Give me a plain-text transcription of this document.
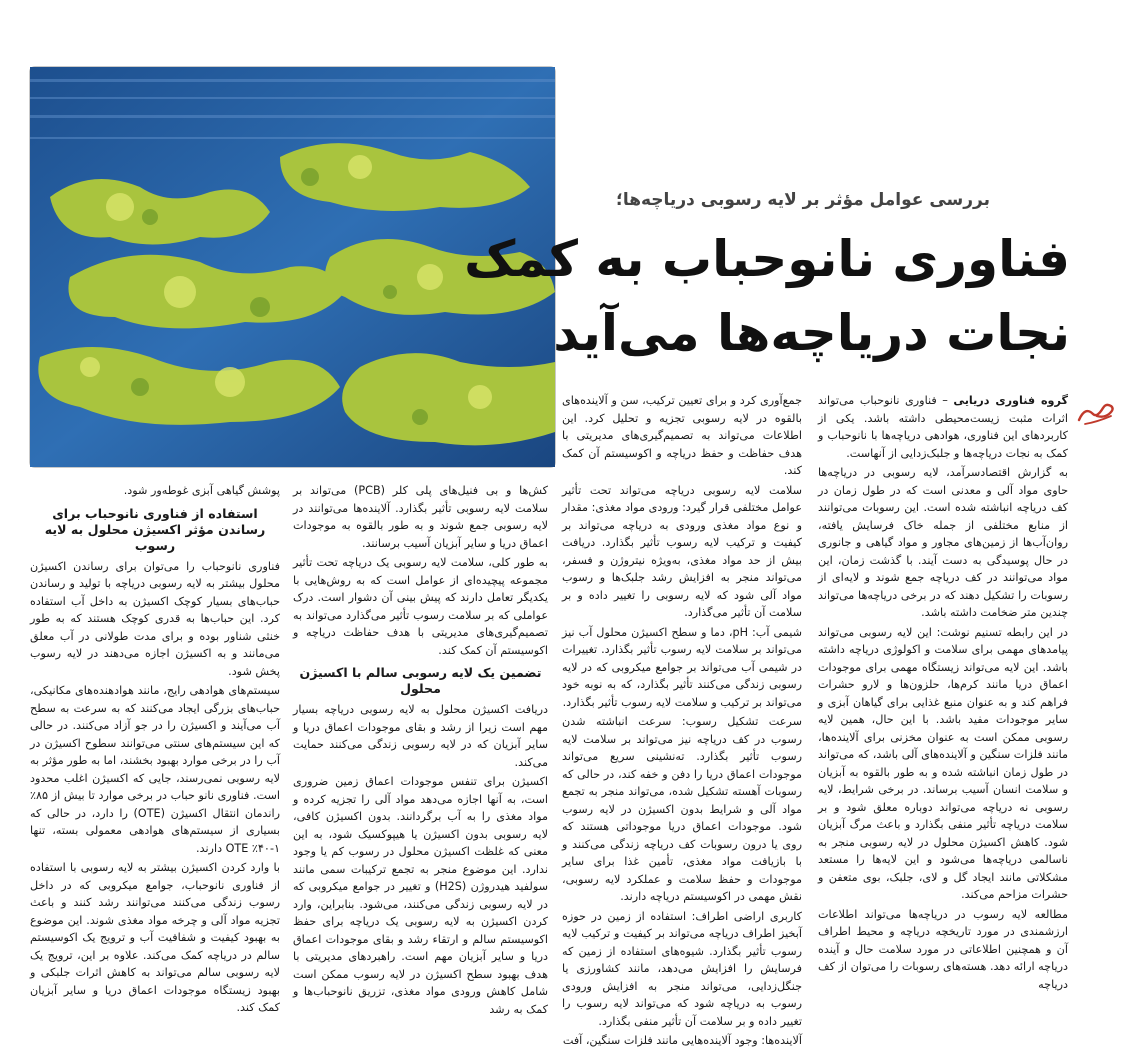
بررسی عوامل مؤثر بر لایه رسوبی دریاچه‌ها؛
فناوری نانوحباب به کمک
نجات دریاچه‌ها می‌آید

گروه فناوری دریایی – فناوری نانوحباب می‌تواند اثرات مثبت زیست‌محیطی داشته باشد. یکی از کاربردهای این فناوری، هوادهی دریاچه‌ها با نانوحباب و کمک به نجات دریاچه‌ها و جلبک‌زدایی از آنهاست.

به گزارش اقتصادسرآمد، لایه رسوبی در دریاچه‌ها حاوی مواد آلی و معدنی است که در طول زمان در کف دریاچه انباشته شده است. این رسوبات می‌توانند از منابع مختلفی از جمله خاک فرسایش یافته، روان‌آب‌ها از زمین‌های مجاور و مواد گیاهی و جانوری در حال پوسیدگی به دست آیند. با گذشت زمان، این مواد می‌توانند در کف دریاچه جمع شوند و لایه‌ای از رسوبات را تشکیل دهند که در برخی دریاچه‌ها می‌تواند چندین متر ضخامت داشته باشد.

در این رابطه تسنیم نوشت: این لایه رسوبی می‌تواند پیامدهای مهمی برای سلامت و اکولوژی دریاچه داشته باشد. این لایه می‌تواند زیستگاه مهمی برای موجودات اعماق دریا مانند کرم‌ها، حلزون‌ها و لارو حشرات فراهم کند و به عنوان منبع غذایی برای گیاهان آبزی و سایر موجودات مفید باشد. با این حال، همین لایه رسوبی ممکن است به عنوان مخزنی برای آلاینده‌ها، مانند فلزات سنگین و آلاینده‌های آلی باشد، که می‌تواند در طول زمان انباشته شده و به طور بالقوه به آبزیان و سلامت انسان آسیب برساند. در برخی شرایط، لایه رسوبی نه دریاچه می‌تواند دوباره معلق شود و بر سلامت دریاچه تأثیر منفی بگذارد و باعث مرگ آبزیان شود. کاهش اکسیژن محلول در لایه رسوبی منجر به ناسالمی دریاچه‌ها می‌شود و این لایه‌ها را مستعد مشکلاتی مانند ایجاد گل و لای، جلبک، بوی متعفن و حشرات مزاحم می‌کند.

مطالعه لایه رسوب در دریاچه‌ها می‌تواند اطلاعات ارزشمندی در مورد تاریخچه دریاچه و محیط اطراف آن و همچنین اطلاعاتی در مورد سلامت حال و آینده دریاچه ارائه دهد. هسته‌های رسوبات را می‌توان از کف دریاچه

جمع‌آوری کرد و برای تعیین ترکیب، سن و آلاینده‌های بالقوه در لایه رسوبی تجزیه و تحلیل کرد. این اطلاعات می‌تواند به تصمیم‌گیری‌های مدیریتی با هدف حفاظت و حفظ دریاچه و اکوسیستم آن کمک کند.

سلامت لایه رسوبی دریاچه می‌تواند تحت تأثیر عوامل مختلفی قرار گیرد: ورودی مواد مغذی: مقدار و نوع مواد مغذی ورودی به دریاچه می‌تواند بر کیفیت و ترکیب لایه رسوب تأثیر بگذارد. دریافت بیش از حد مواد مغذی، به‌ویژه نیتروژن و فسفر، می‌تواند منجر به افزایش رشد جلبک‌ها و رسوب مواد آلی شود که لایه رسوبی را تغییر داده و بر سلامت آن تأثیر می‌گذارد.

شیمی آب: pH، دما و سطح اکسیژن محلول آب نیز می‌تواند بر سلامت لایه رسوب تأثیر بگذارد. تغییرات در شیمی آب می‌تواند بر جوامع میکروبی که در لایه رسوبی زندگی می‌کنند تأثیر بگذارد، که به نوبه خود می‌تواند بر ترکیب و سلامت لایه رسوب تأثیر بگذارد.

سرعت تشکیل رسوب: سرعت انباشته شدن رسوب در کف دریاچه نیز می‌تواند بر سلامت لایه رسوب تأثیر بگذارد. ته‌نشینی سریع می‌تواند موجودات اعماق دریا را دفن و خفه کند، در حالی که رسوبات آهسته تشکیل شده، می‌تواند منجر به تجمع مواد آلی و شرایط بدون اکسیژن در لایه رسوب شود. موجودات اعماق دریا موجوداتی هستند که روی یا درون رسوبات کف دریاچه زندگی می‌کنند و با بازیافت مواد مغذی، تأمین غذا برای سایر موجودات و حفظ سلامت و عملکرد لایه رسوبی، نقش مهمی در اکوسیستم دریاچه دارند.

کاربری اراضی اطراف: استفاده از زمین در حوزه آبخیز اطراف دریاچه می‌تواند بر کیفیت و ترکیب لایه رسوب تأثیر بگذارد. شیوه‌های استفاده از زمین که فرسایش را افزایش می‌دهد، مانند کشاورزی یا جنگل‌زدایی، می‌تواند منجر به افزایش ورودی رسوب به دریاچه شود که می‌تواند لایه رسوب را تغییر داده و بر سلامت آن تأثیر منفی بگذارد.

آلاینده‌ها: وجود آلاینده‌هایی مانند فلزات سنگین، آفت

کش‌ها و بی فنیل‌های پلی کلر (PCB) می‌تواند بر سلامت لایه رسوبی تأثیر بگذارد. آلاینده‌ها می‌توانند در لایه رسوبی جمع شوند و به طور بالقوه به موجودات اعماق دریا و سایر آبزیان آسیب برسانند.

به طور کلی، سلامت لایه رسوبی یک دریاچه تحت تأثیر مجموعه پیچیده‌ای از عوامل است که به روش‌هایی با یکدیگر تعامل دارند که پیش بینی آن دشوار است. درک عواملی که بر سلامت رسوب تأثیر می‌گذارد می‌تواند به تصمیم‌گیری‌های مدیریتی با هدف حفاظت دریاچه و اکوسیستم آن کمک کند.

تضمین یک لایه رسوبی سالم با اکسیژن محلول

دریافت اکسیژن محلول به لایه رسوبی دریاچه بسیار مهم است زیرا از رشد و بقای موجودات اعماق دریا و سایر آبزیان که در لایه رسوبی زندگی می‌کنند حمایت می‌کند.

اکسیژن برای تنفس موجودات اعماق زمین ضروری است، به آنها اجازه می‌دهد مواد آلی را تجزیه کرده و مواد مغذی را به آب برگردانند. بدون اکسیژن کافی، لایه رسوبی بدون اکسیژن یا هیپوکسیک شود، به این معنی که غلظت اکسیژن محلول در رسوب کم یا وجود ندارد. این موضوع منجر به تجمع ترکیبات سمی مانند سولفید هیدروژن (H2S) و تغییر در جوامع میکروبی که در لایه رسوبی زندگی می‌کنند، می‌شود. بنابراین، وارد کردن اکسیژن به لایه رسوبی یک دریاچه برای حفظ اکوسیستم سالم و ارتقاء رشد و بقای موجودات اعماق دریا و سایر آبزیان مهم است. راهبردهای مدیریتی با هدف بهبود سطح اکسیژن در لایه رسوب ممکن است شامل کاهش ورودی مواد مغذی، تزریق نانوحباب‌ها و کمک به رشد

پوشش گیاهی آبزی غوطه‌ور شود.

استفاده از فناوری نانوحباب برای رساندن مؤثر اکسیژن محلول به لایه رسوب

فناوری نانوحباب را می‌توان برای رساندن اکسیژن محلول بیشتر به لایه رسوبی دریاچه با تولید و رساندن حباب‌های بسیار کوچک اکسیژن به داخل آب استفاده کرد. این حباب‌ها به قدری کوچک هستند که به طور خنثی شناور بوده و برای مدت طولانی در آب معلق می‌مانند و به اکسیژن اجازه می‌دهند در لایه رسوب پخش شود.

سیستم‌های هوادهی رایج، مانند هوادهنده‌های مکانیکی، حباب‌های بزرگی ایجاد می‌کنند که به سرعت به سطح آب می‌آیند و اکسیژن را در جو آزاد می‌کنند. در حالی که این سیستم‌های سنتی می‌توانند سطوح اکسیژن در آب را در برخی موارد بهبود بخشند، اما به طور مؤثر به لایه رسوبی نمی‌رسند، جایی که اکسیژن اغلب محدود است. فناوری نانو حباب در برخی موارد تا بیش از ۸۵٪ راندمان انتقال اکسیژن (OTE) را دارد، در حالی که بسیاری از سیستم‌های هوادهی معمولی بسته، تنها ۱-۴۰٪ OTE دارند.

با وارد کردن اکسیژن بیشتر به لایه رسوبی با استفاده از فناوری نانوحباب، جوامع میکروبی که در داخل رسوب زندگی می‌کنند می‌توانند رشد کنند و باعث تجزیه مواد آلی و چرخه مواد مغذی شوند. این موضوع به بهبود کیفیت و شفافیت آب و ترویج یک اکوسیستم سالم در دریاچه کمک می‌کند. علاوه بر این، ترویج یک لایه رسوبی سالم می‌تواند به کاهش اثرات جلبکی و بهبود زیستگاه موجودات اعماق دریا و سایر آبزیان کمک کند.
